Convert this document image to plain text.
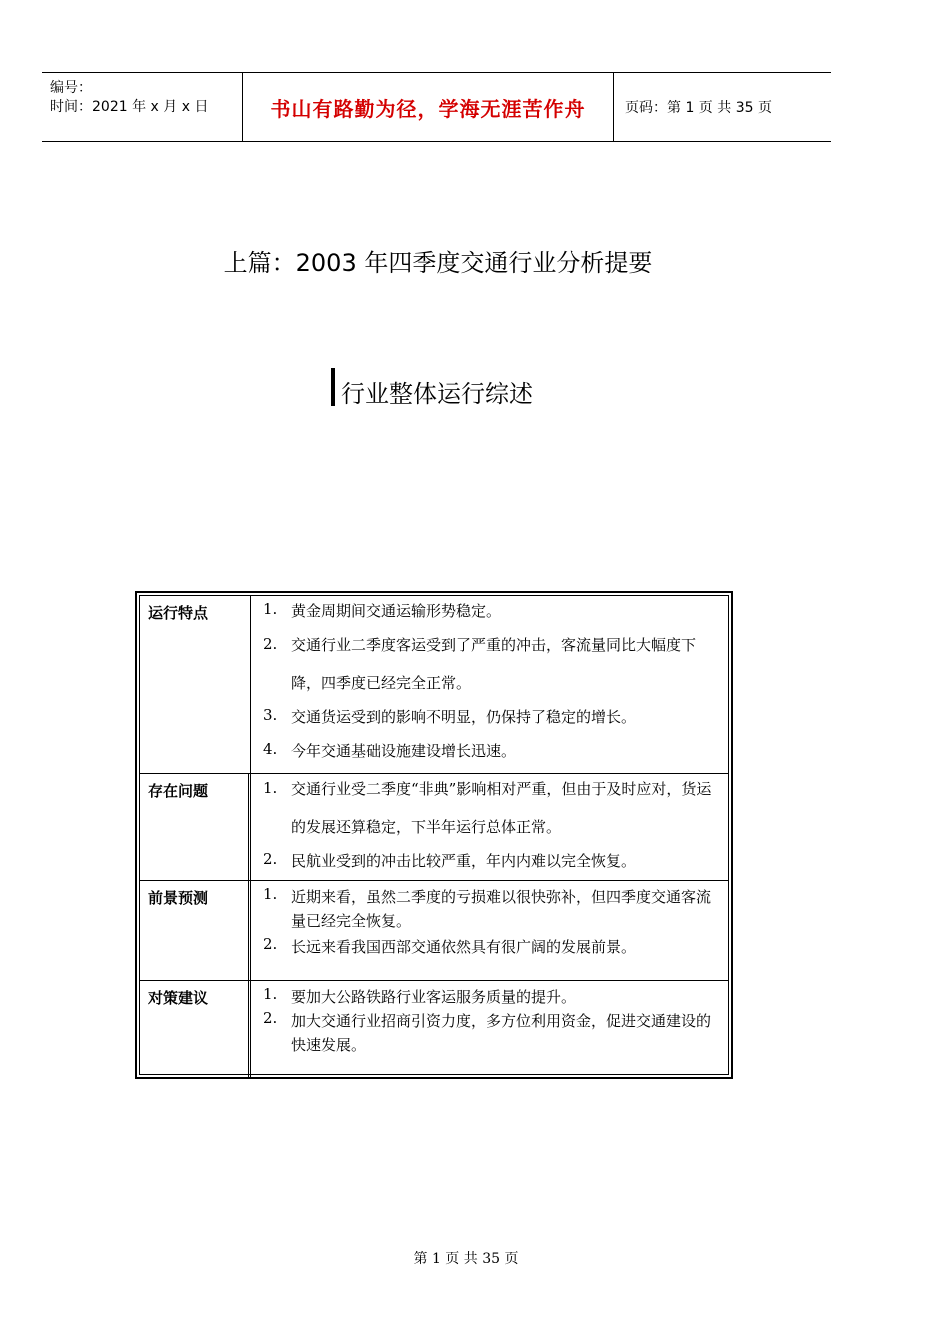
编号：
时间：2021 年 x 月 x 日	书山有路勤为径，学海无涯苦作舟	页码：第 1 页 共 35 页
上篇：2003 年四季度交通行业分析提要
行业整体运行综述
运行特点	1. 黄金周期间交通运输形势稳定。
2. 交通行业二季度客运受到了严重的冲击，客流量同比大幅度下降，四季度已经完全正常。
3. 交通货运受到的影响不明显，仍保持了稳定的增长。
4. 今年交通基础设施建设增长迅速。
存在问题	1. 交通行业受二季度“非典”影响相对严重，但由于及时应对，货运的发展还算稳定，下半年运行总体正常。
2. 民航业受到的冲击比较严重，年内内难以完全恢复。
前景预测	1. 近期来看，虽然二季度的亏损难以很快弥补，但四季度交通客流量已经完全恢复。
2. 长远来看我国西部交通依然具有很广阔的发展前景。
对策建议	1. 要加大公路铁路行业客运服务质量的提升。
2. 加大交通行业招商引资力度，多方位利用资金，促进交通建设的快速发展。
第 1 页 共 35 页
